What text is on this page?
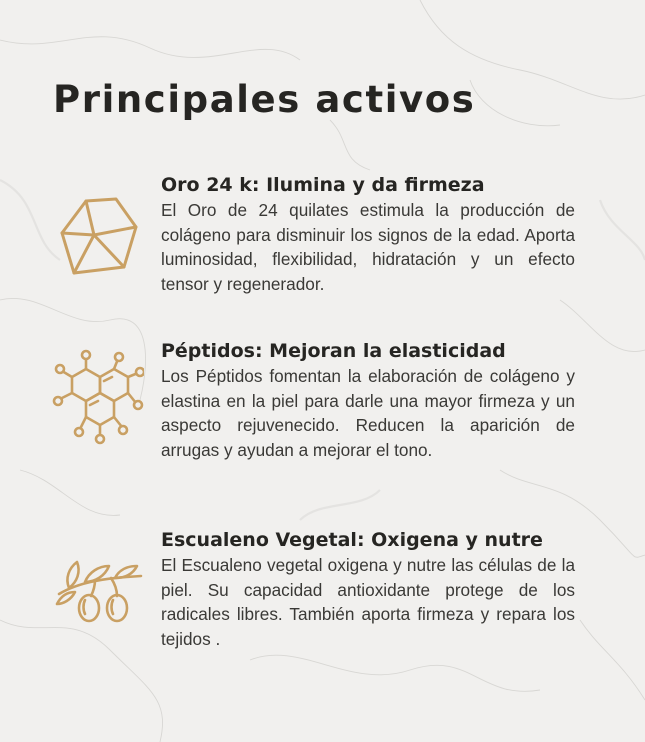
Principales activos
Oro 24 k: Ilumina y da firmeza

El Oro de 24 quilates estimula la producción de colágeno para disminuir los signos de la edad. Aporta luminosidad, flexibilidad, hidratación y un efecto tensor y regenerador.

Péptidos: Mejoran la elasticidad

Los Péptidos fomentan la elaboración de colágeno y elastina en la piel para darle una mayor firmeza y un aspecto rejuvenecido. Reducen la aparición de arrugas y ayudan a mejorar el tono.

Escualeno Vegetal: Oxigena y nutre

El Escualeno vegetal oxigena y nutre las células de la piel. Su capacidad antioxidante protege de los radicales libres. También aporta firmeza y repara los tejidos .
